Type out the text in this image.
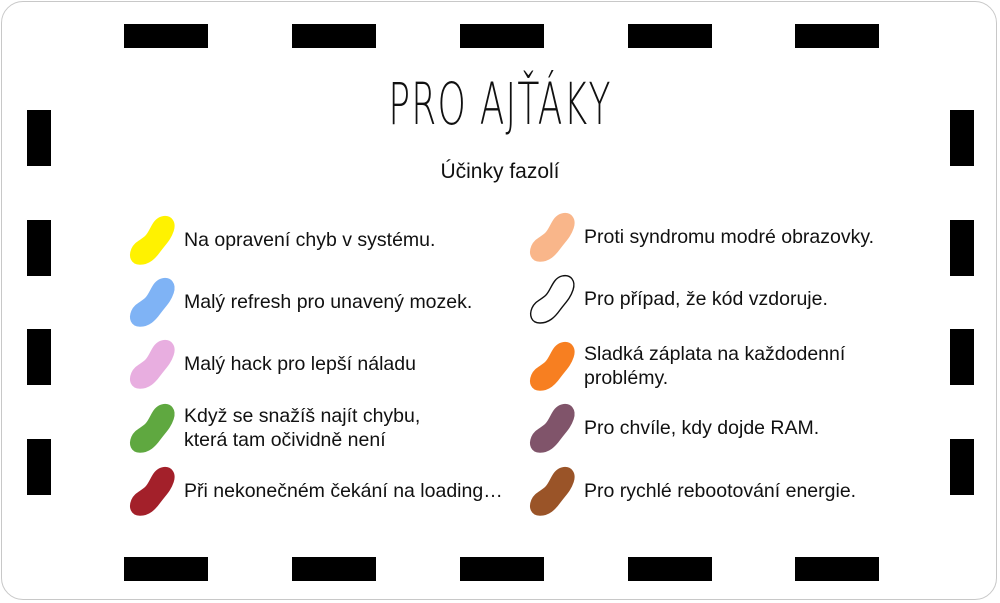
PRO AJŤÁKY
Účinky fazolí
Na opravení chyb v systému.
Malý refresh pro unavený mozek.
Malý hack pro lepší náladu
Když se snažíš najít chybu,
která tam očividně není
Při nekonečném čekání na loading…
Proti syndromu modré obrazovky.
Pro případ, že kód vzdoruje.
Sladká záplata na každodenní
problémy.
Pro chvíle, kdy dojde RAM.
Pro rychlé rebootování energie.
